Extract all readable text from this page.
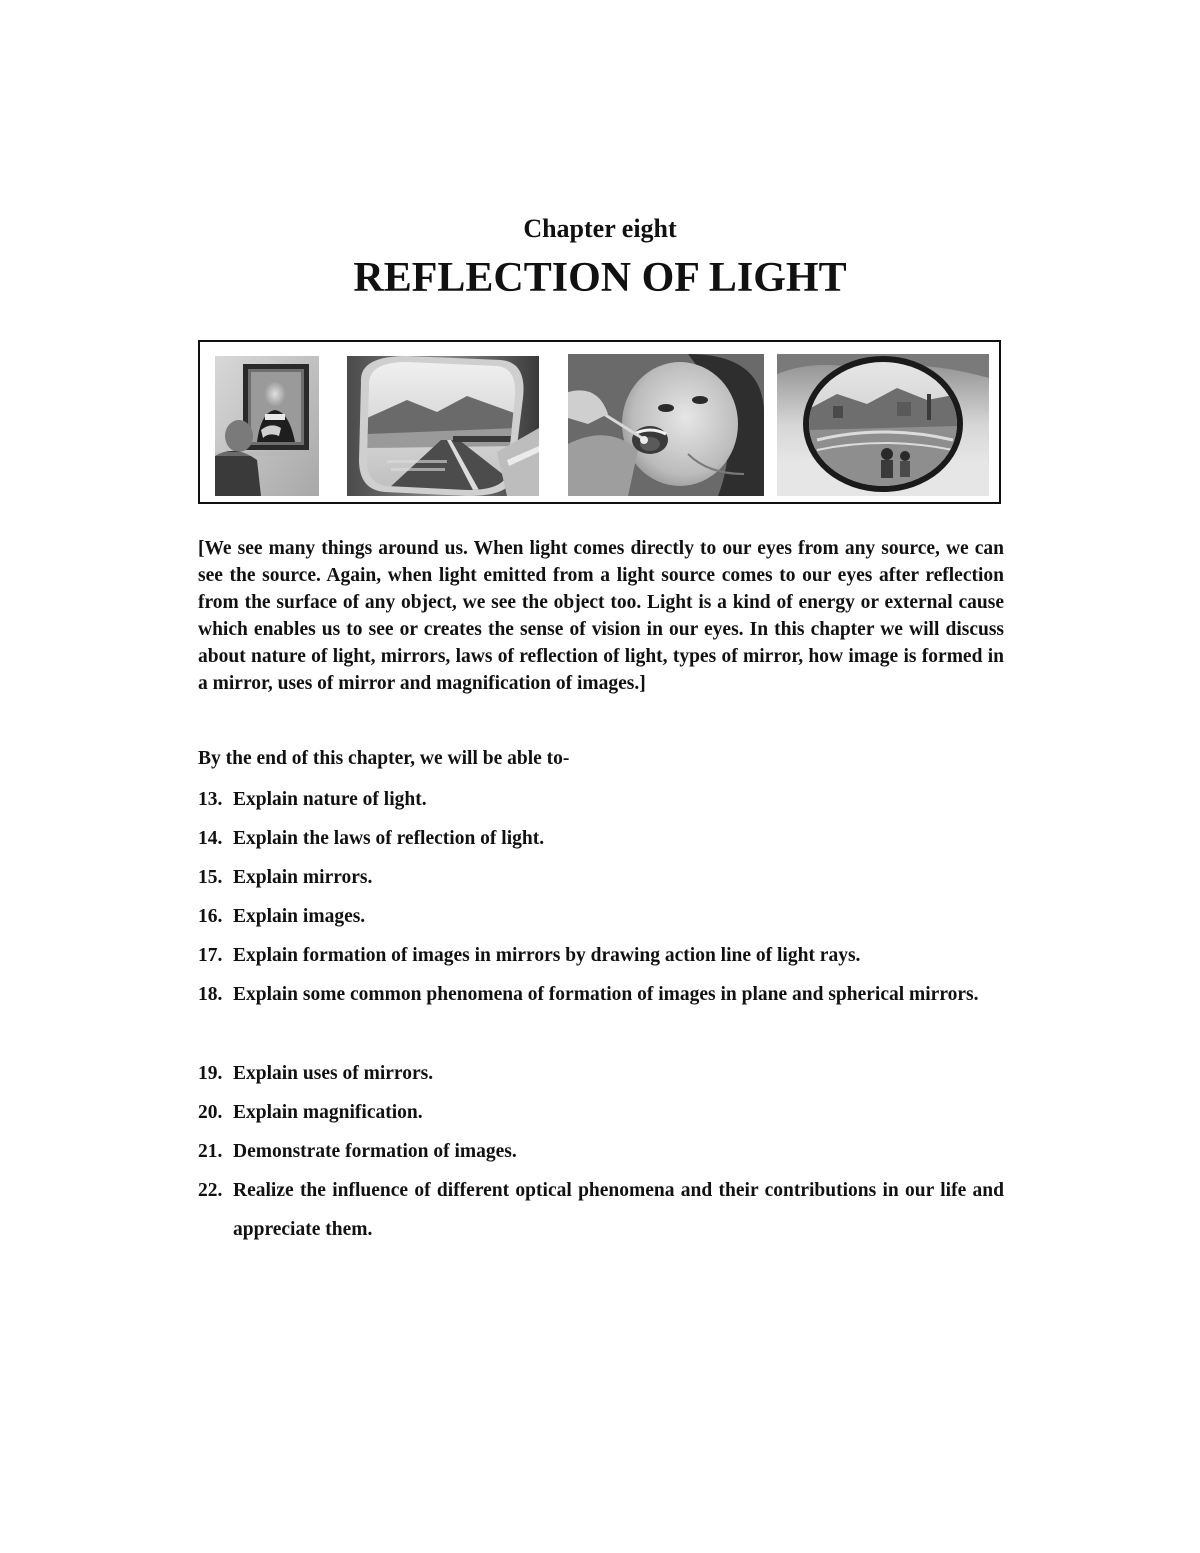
Chapter eight
REFLECTION OF LIGHT

[We see many things around us. When light comes directly to our eyes from any source, we can see the source. Again, when light emitted from a light source comes to our eyes after reflection from the surface of any object, we see the object too. Light is a kind of energy or external cause which enables us to see or creates the sense of vision in our eyes. In this chapter we will discuss about nature of light, mirrors, laws of reflection of light, types of mirror, how image is formed in a mirror, uses of mirror and magnification of images.]

By the end of this chapter, we will be able to-
13. Explain nature of light.
14. Explain the laws of reflection of light.
15. Explain mirrors.
16. Explain images.
17. Explain formation of images in mirrors by drawing action line of light rays.
18. Explain some common phenomena of formation of images in plane and spherical mirrors.
19. Explain uses of mirrors.
20. Explain magnification.
21. Demonstrate formation of images.
22. Realize the influence of different optical phenomena and their contributions in our life and appreciate them.
